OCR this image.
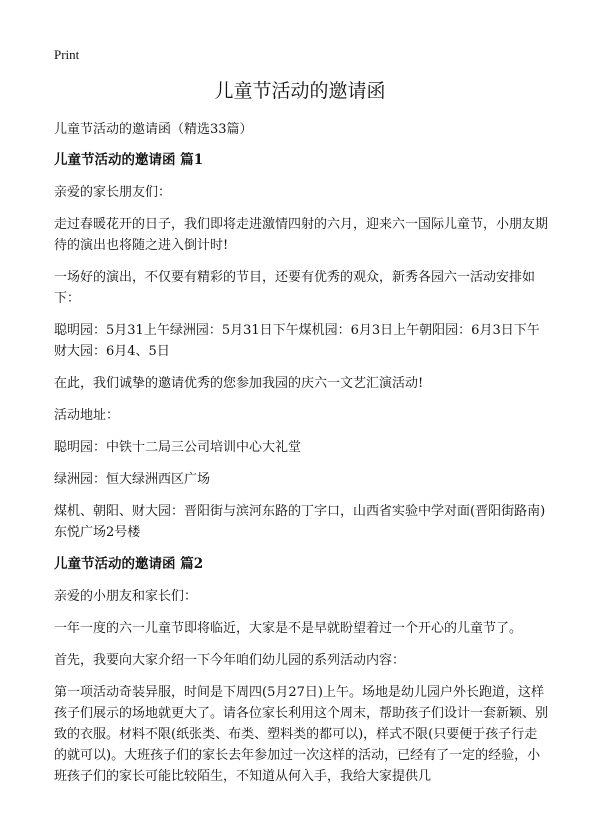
Print
儿童节活动的邀请函

儿童节活动的邀请函（精选33篇）

儿童节活动的邀请函 篇1

亲爱的家长朋友们：

走过春暖花开的日子，我们即将走进激情四射的六月，迎来六一国际儿童节，小朋友期待的演出也将随之进入倒计时!

一场好的演出，不仅要有精彩的节目，还要有优秀的观众，新秀各园六一活动安排如下：

聪明园：5月31上午绿洲园：5月31日下午煤机园：6月3日上午朝阳园：6月3日下午财大园：6月4、5日

在此，我们诚挚的邀请优秀的您参加我园的庆六一文艺汇演活动!

活动地址：

聪明园：中铁十二局三公司培训中心大礼堂

绿洲园：恒大绿洲西区广场

煤机、朝阳、财大园：晋阳街与滨河东路的丁字口，山西省实验中学对面(晋阳街路南)东悦广场2号楼

儿童节活动的邀请函 篇2

亲爱的小朋友和家长们：

一年一度的六一儿童节即将临近，大家是不是早就盼望着过一个开心的儿童节了。

首先，我要向大家介绍一下今年咱们幼儿园的系列活动内容：

第一项活动奇装异服，时间是下周四(5月27日)上午。场地是幼儿园户外长跑道，这样孩子们展示的场地就更大了。请各位家长利用这个周末，帮助孩子们设计一套新颖、别致的衣服。材料不限(纸张类、布类、塑料类的都可以)，样式不限(只要便于孩子行走的就可以)。大班孩子们的家长去年参加过一次这样的活动，已经有了一定的经验，小班孩子们的家长可能比较陌生，不知道从何入手，我给大家提供几
